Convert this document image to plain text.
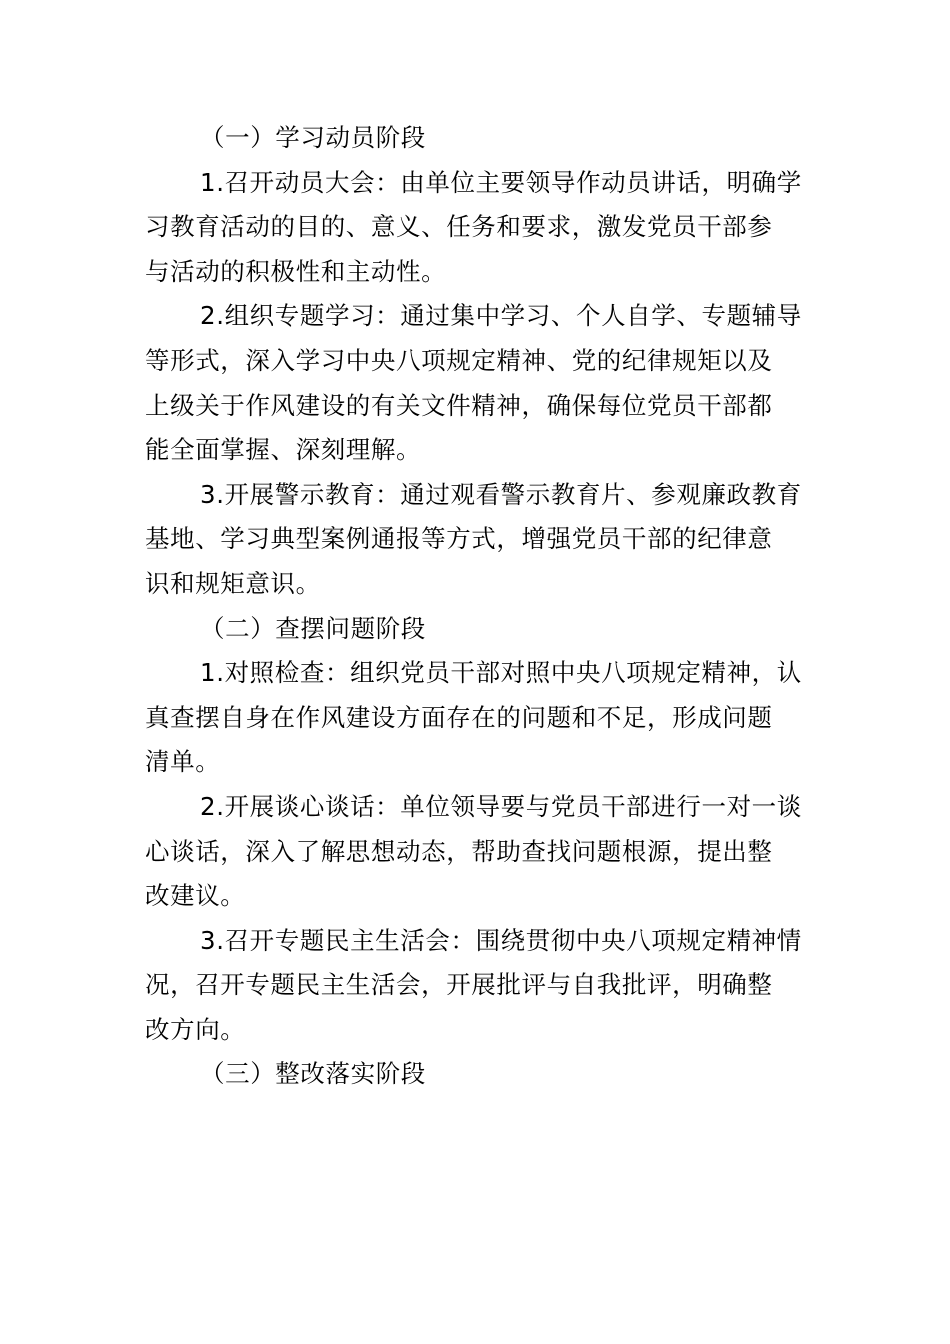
（一）学习动员阶段

1.召开动员大会：由单位主要领导作动员讲话，明确学
习教育活动的目的、意义、任务和要求，激发党员干部参
与活动的积极性和主动性。

2.组织专题学习：通过集中学习、个人自学、专题辅导
等形式，深入学习中央八项规定精神、党的纪律规矩以及
上级关于作风建设的有关文件精神，确保每位党员干部都
能全面掌握、深刻理解。

3.开展警示教育：通过观看警示教育片、参观廉政教育
基地、学习典型案例通报等方式，增强党员干部的纪律意
识和规矩意识。

（二）查摆问题阶段

1.对照检查：组织党员干部对照中央八项规定精神，认
真查摆自身在作风建设方面存在的问题和不足，形成问题
清单。

2.开展谈心谈话：单位领导要与党员干部进行一对一谈
心谈话，深入了解思想动态，帮助查找问题根源，提出整
改建议。

3.召开专题民主生活会：围绕贯彻中央八项规定精神情
况，召开专题民主生活会，开展批评与自我批评，明确整
改方向。

（三）整改落实阶段
